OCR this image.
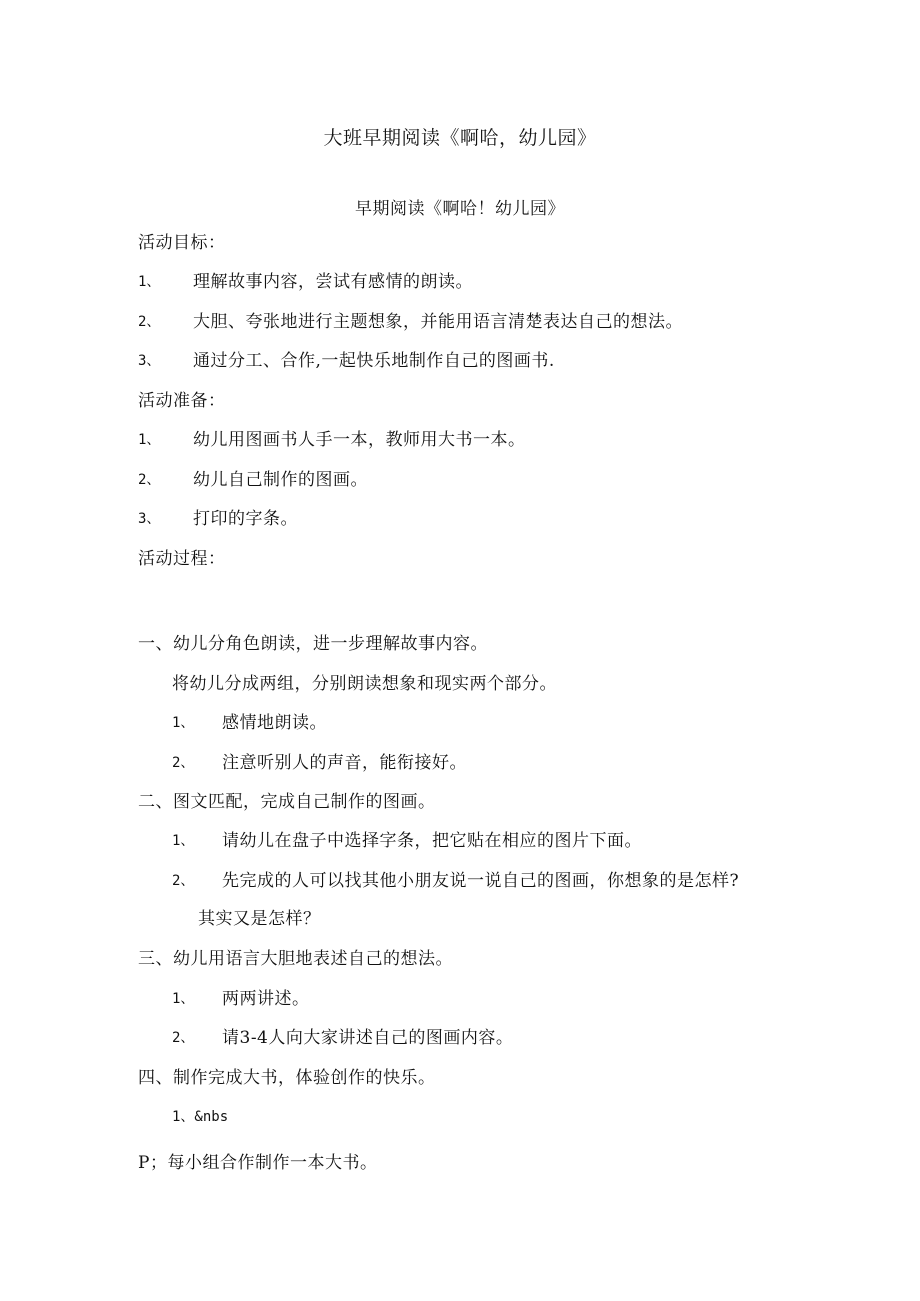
大班早期阅读《啊哈，幼儿园》
早期阅读《啊哈！幼儿园》
活动目标：
1、 理解故事内容，尝试有感情的朗读。
2、 大胆、夸张地进行主题想象，并能用语言清楚表达自己的想法。
3、 通过分工、合作,一起快乐地制作自己的图画书.
活动准备：
1、 幼儿用图画书人手一本，教师用大书一本。
2、 幼儿自己制作的图画。
3、 打印的字条。
活动过程：
一、幼儿分角色朗读，进一步理解故事内容。
将幼儿分成两组，分别朗读想象和现实两个部分。
1、 感情地朗读。
2、 注意听别人的声音，能衔接好。
二、图文匹配，完成自己制作的图画。
1、 请幼儿在盘子中选择字条，把它贴在相应的图片下面。
2、 先完成的人可以找其他小朋友说一说自己的图画，你想象的是怎样?
其实又是怎样？
三、幼儿用语言大胆地表述自己的想法。
1、 两两讲述。
2、 请3-4人向大家讲述自己的图画内容。
四、制作完成大书，体验创作的快乐。
1、&nbs
P；每小组合作制作一本大书。
